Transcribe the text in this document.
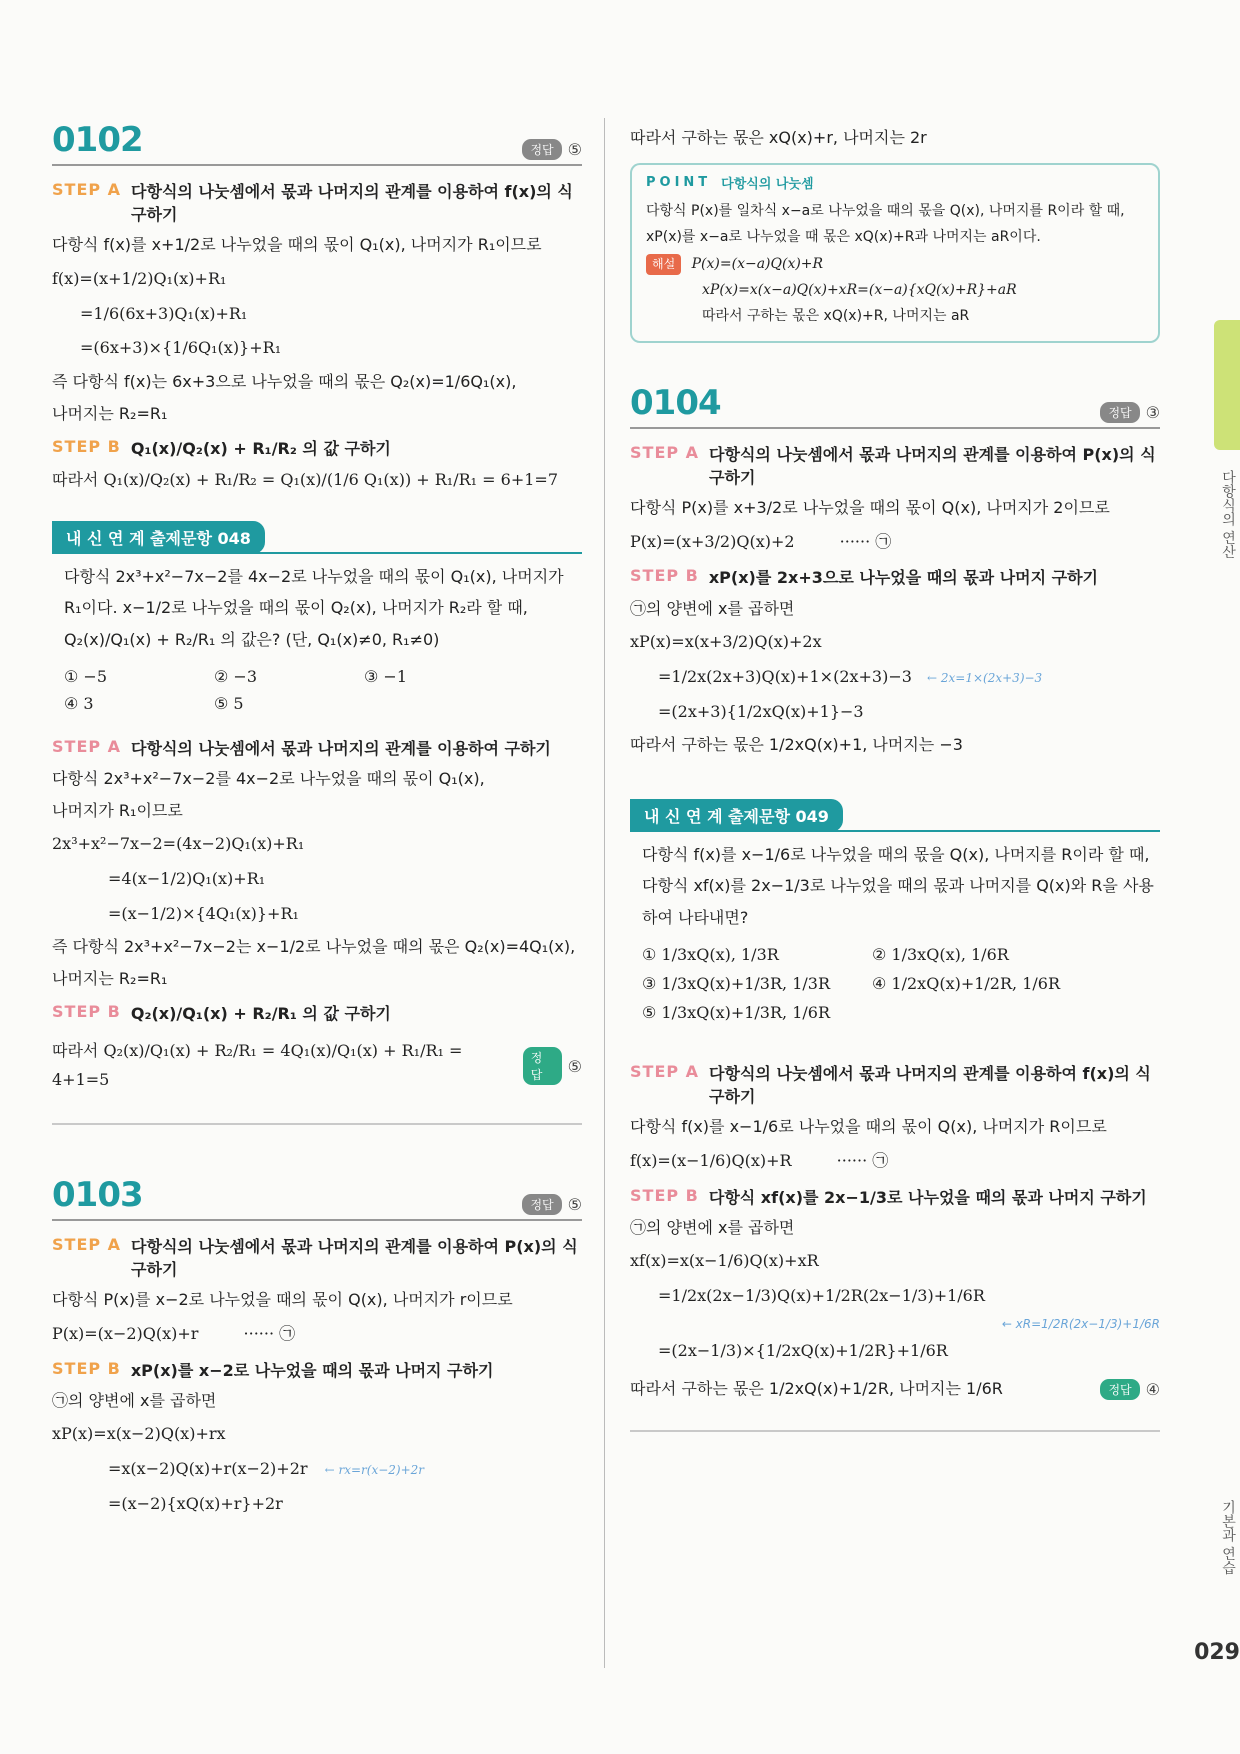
다항식의 연산
기본과 연습
029
0102	정답 ⑤
STEP A 다항식의 나눗셈에서 몫과 나머지의 관계를 이용하여 f(x)의 식 구하기

다항식 f(x)를 x+1/2로 나누었을 때의 몫이 Q₁(x), 나머지가 R₁이므로

f(x)=(x+1/2)Q₁(x)+R₁
=1/6(6x+3)Q₁(x)+R₁
=(6x+3)×{1/6Q₁(x)}+R₁

즉 다항식 f(x)는 6x+3으로 나누었을 때의 몫은 Q₂(x)=1/6Q₁(x),

나머지는 R₂=R₁

STEP B Q₁(x)/Q₂(x) + R₁/R₂ 의 값 구하기

따라서 Q₁(x)/Q₂(x) + R₁/R₂ = Q₁(x)/(1/6 Q₁(x)) + R₁/R₁ = 6+1=7

내 신 연 계 출제문항 048

다항식 2x³+x²−7x−2를 4x−2로 나누었을 때의 몫이 Q₁(x), 나머지가

R₁이다. x−1/2로 나누었을 때의 몫이 Q₂(x), 나머지가 R₂라 할 때,

Q₂(x)/Q₁(x) + R₂/R₁ 의 값은? (단, Q₁(x)≠0, R₁≠0)

① −5	② −3	③ −1
④ 3	⑤ 5
STEP A 다항식의 나눗셈에서 몫과 나머지의 관계를 이용하여 구하기

다항식 2x³+x²−7x−2를 4x−2로 나누었을 때의 몫이 Q₁(x),

나머지가 R₁이므로

2x³+x²−7x−2=(4x−2)Q₁(x)+R₁
=4(x−1/2)Q₁(x)+R₁
=(x−1/2)×{4Q₁(x)}+R₁

즉 다항식 2x³+x²−7x−2는 x−1/2로 나누었을 때의 몫은 Q₂(x)=4Q₁(x),

나머지는 R₂=R₁

STEP B Q₂(x)/Q₁(x) + R₂/R₁ 의 값 구하기

따라서 Q₂(x)/Q₁(x) + R₂/R₁ = 4Q₁(x)/Q₁(x) + R₁/R₁ = 4+1=5

정답	⑤
0103	정답 ⑤
STEP A 다항식의 나눗셈에서 몫과 나머지의 관계를 이용하여 P(x)의 식 구하기

다항식 P(x)를 x−2로 나누었을 때의 몫이 Q(x), 나머지가 r이므로

P(x)=(x−2)Q(x)+r	······ ㉠
STEP B xP(x)를 x−2로 나누었을 때의 몫과 나머지 구하기

㉠의 양변에 x를 곱하면

xP(x)=x(x−2)Q(x)+rx
=x(x−2)Q(x)+r(x−2)+2r ← rx=r(x−2)+2r
=(x−2){xQ(x)+r}+2r

따라서 구하는 몫은 xQ(x)+r, 나머지는 2r

POINT 다항식의 나눗셈

다항식 P(x)를 일차식 x−a로 나누었을 때의 몫을 Q(x), 나머지를 R이라 할 때,

xP(x)를 x−a로 나누었을 때 몫은 xQ(x)+R과 나머지는 aR이다.

해설 P(x)=(x−a)Q(x)+R

xP(x)=x(x−a)Q(x)+xR=(x−a){xQ(x)+R}+aR

따라서 구하는 몫은 xQ(x)+R, 나머지는 aR

0104	정답 ③
STEP A 다항식의 나눗셈에서 몫과 나머지의 관계를 이용하여 P(x)의 식 구하기

다항식 P(x)를 x+3/2로 나누었을 때의 몫이 Q(x), 나머지가 2이므로

P(x)=(x+3/2)Q(x)+2	······ ㉠
STEP B xP(x)를 2x+3으로 나누었을 때의 몫과 나머지 구하기

㉠의 양변에 x를 곱하면

xP(x)=x(x+3/2)Q(x)+2x
=1/2x(2x+3)Q(x)+1×(2x+3)−3 ← 2x=1×(2x+3)−3
=(2x+3){1/2xQ(x)+1}−3

따라서 구하는 몫은 1/2xQ(x)+1, 나머지는 −3

내 신 연 계 출제문항 049

다항식 f(x)를 x−1/6로 나누었을 때의 몫을 Q(x), 나머지를 R이라 할 때,

다항식 xf(x)를 2x−1/3로 나누었을 때의 몫과 나머지를 Q(x)와 R을 사용

하여 나타내면?

① 1/3xQ(x), 1/3R	② 1/3xQ(x), 1/6R
③ 1/3xQ(x)+1/3R, 1/3R	④ 1/2xQ(x)+1/2R, 1/6R
⑤ 1/3xQ(x)+1/3R, 1/6R
STEP A 다항식의 나눗셈에서 몫과 나머지의 관계를 이용하여 f(x)의 식 구하기

다항식 f(x)를 x−1/6로 나누었을 때의 몫이 Q(x), 나머지가 R이므로

f(x)=(x−1/6)Q(x)+R	······ ㉠
STEP B 다항식 xf(x)를 2x−1/3로 나누었을 때의 몫과 나머지 구하기

㉠의 양변에 x를 곱하면

xf(x)=x(x−1/6)Q(x)+xR
=1/2x(2x−1/3)Q(x)+1/2R(2x−1/3)+1/6R
← xR=1/2R(2x−1/3)+1/6R
=(2x−1/3)×{1/2xQ(x)+1/2R}+1/6R

따라서 구하는 몫은 1/2xQ(x)+1/2R, 나머지는 1/6R	정답 ④
